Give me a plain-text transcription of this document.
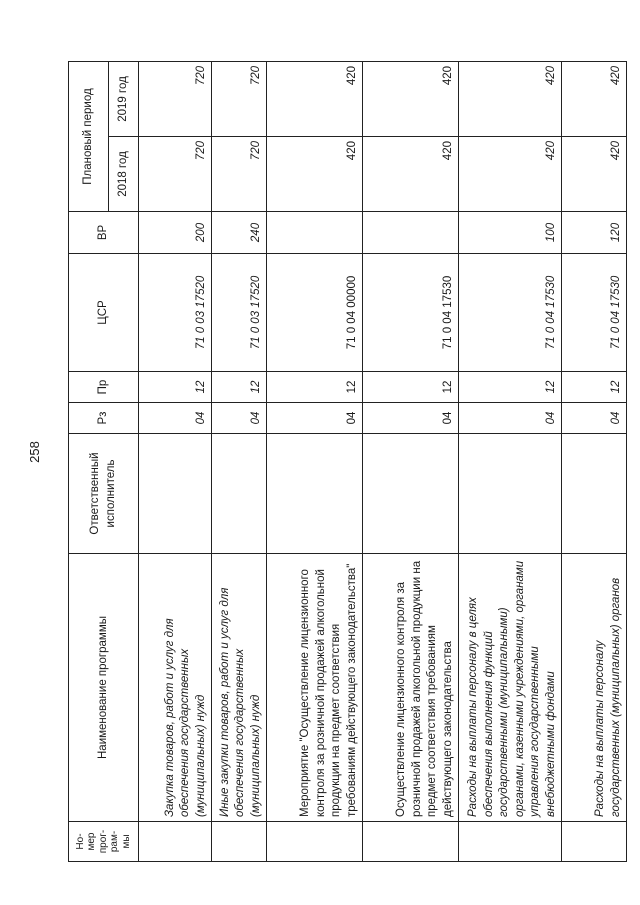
258
Но-
мер
прог-
рам-
мы	Наименование программы	Ответственный
исполнитель	Рз	Пр	ЦСР	ВР	Плановый период	
							2018 год	2019 год
	Закупка товаров, работ и услуг для обеспечения государственных (муниципальных) нужд		04	12	71 0 03 17520	200	720	720
	Иные закупки товаров, работ и услуг для обеспечения государственных (муниципальных) нужд		04	12	71 0 03 17520	240	720	720
	Мероприятие "Осуществление лицензионного контроля за розничной продажей алкогольной продукции на предмет соответствия требованиям действующего законодательства"		04	12	71 0 04 00000		420	420
	Осуществление лицензионного контроля за розничной продажей алкогольной продукции на предмет соответствия требованиям действующего законодательства		04	12	71 0 04 17530		420	420
	Расходы на выплаты персоналу в целях обеспечения выполнения функций государственными (муниципальными) органами, казенными учреждениями, органами управления государственными внебюджетными фондами		04	12	71 0 04 17530	100	420	420
	Расходы на выплаты персоналу государственных (муниципальных) органов		04	12	71 0 04 17530	120	420	420
